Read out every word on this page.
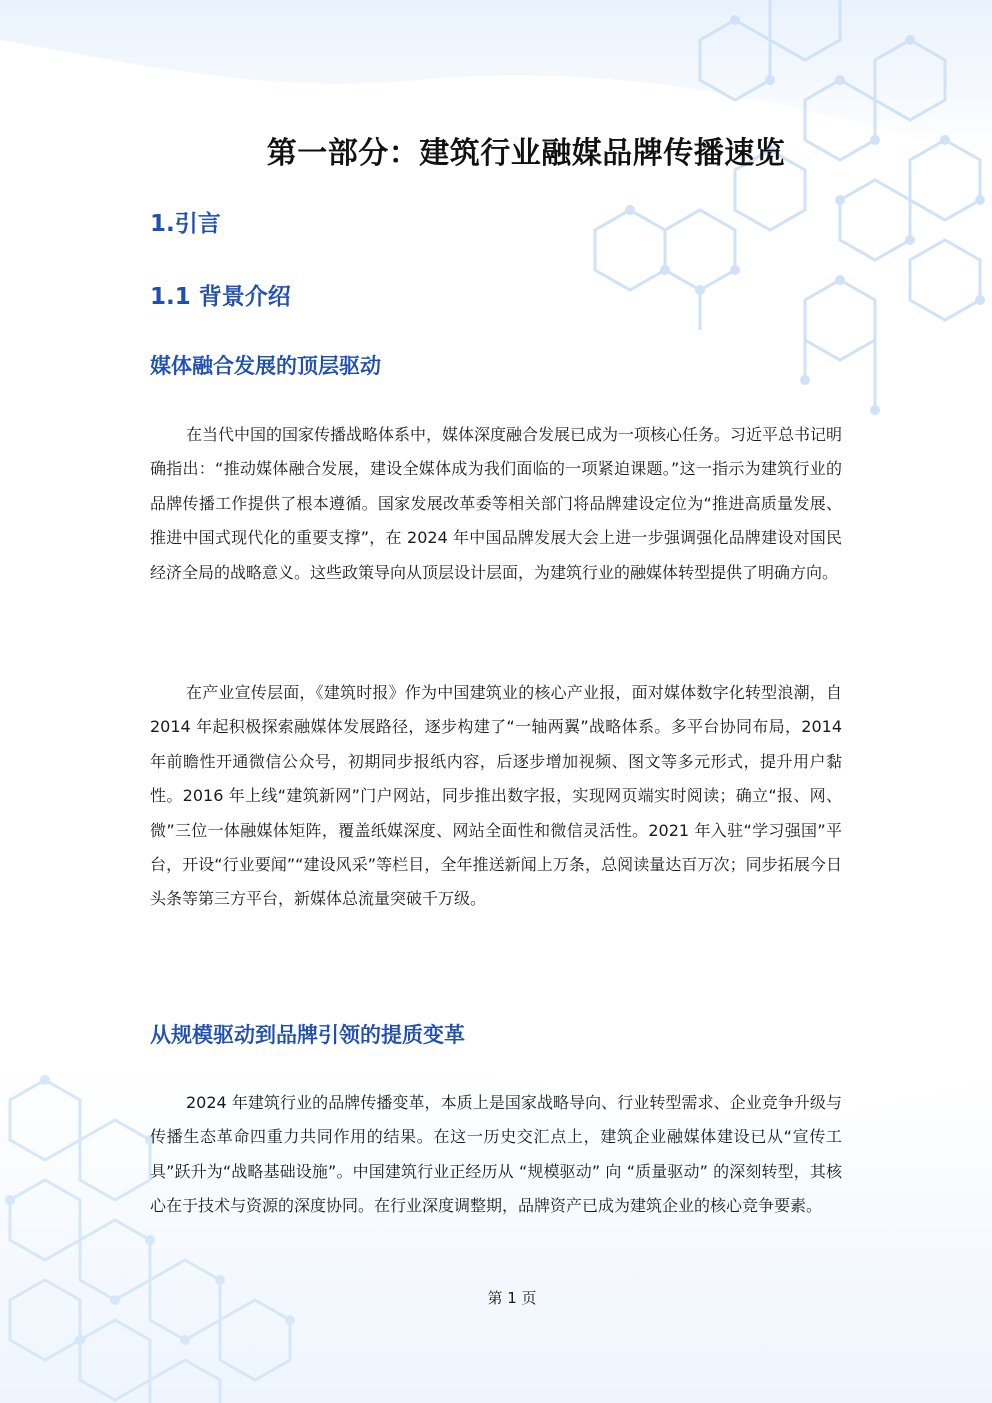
第一部分：建筑行业融媒品牌传播速览
1.引言
1.1 背景介绍
媒体融合发展的顶层驱动

在当代中国的国家传播战略体系中，媒体深度融合发展已成为一项核心任务。习近平总书记明确指出：“推动媒体融合发展，建设全媒体成为我们面临的一项紧迫课题。”这一指示为建筑行业的品牌传播工作提供了根本遵循。国家发展改革委等相关部门将品牌建设定位为“推进高质量发展、推进中国式现代化的重要支撑”，在 2024 年中国品牌发展大会上进一步强调强化品牌建设对国民经济全局的战略意义。这些政策导向从顶层设计层面，为建筑行业的融媒体转型提供了明确方向。

在产业宣传层面，《建筑时报》作为中国建筑业的核心产业报，面对媒体数字化转型浪潮，自 2014 年起积极探索融媒体发展路径，逐步构建了“一轴两翼”战略体系。多平台协同布局，2014 年前瞻性开通微信公众号，初期同步报纸内容，后逐步增加视频、图文等多元形式，提升用户黏性。2016 年上线“建筑新网”门户网站，同步推出数字报，实现网页端实时阅读；确立“报、网、微”三位一体融媒体矩阵，覆盖纸媒深度、网站全面性和微信灵活性。2021 年入驻“学习强国”平台，开设“行业要闻”“建设风采”等栏目，全年推送新闻上万条，总阅读量达百万次；同步拓展今日头条等第三方平台，新媒体总流量突破千万级。

从规模驱动到品牌引领的提质变革

2024 年建筑行业的品牌传播变革，本质上是国家战略导向、行业转型需求、企业竞争升级与传播生态革命四重力共同作用的结果。在这一历史交汇点上，建筑企业融媒体建设已从“宣传工具”跃升为“战略基础设施”。中国建筑行业正经历从 “规模驱动” 向 “质量驱动” 的深刻转型，其核心在于技术与资源的深度协同。在行业深度调整期，品牌资产已成为建筑企业的核心竞争要素。

第 1 页
